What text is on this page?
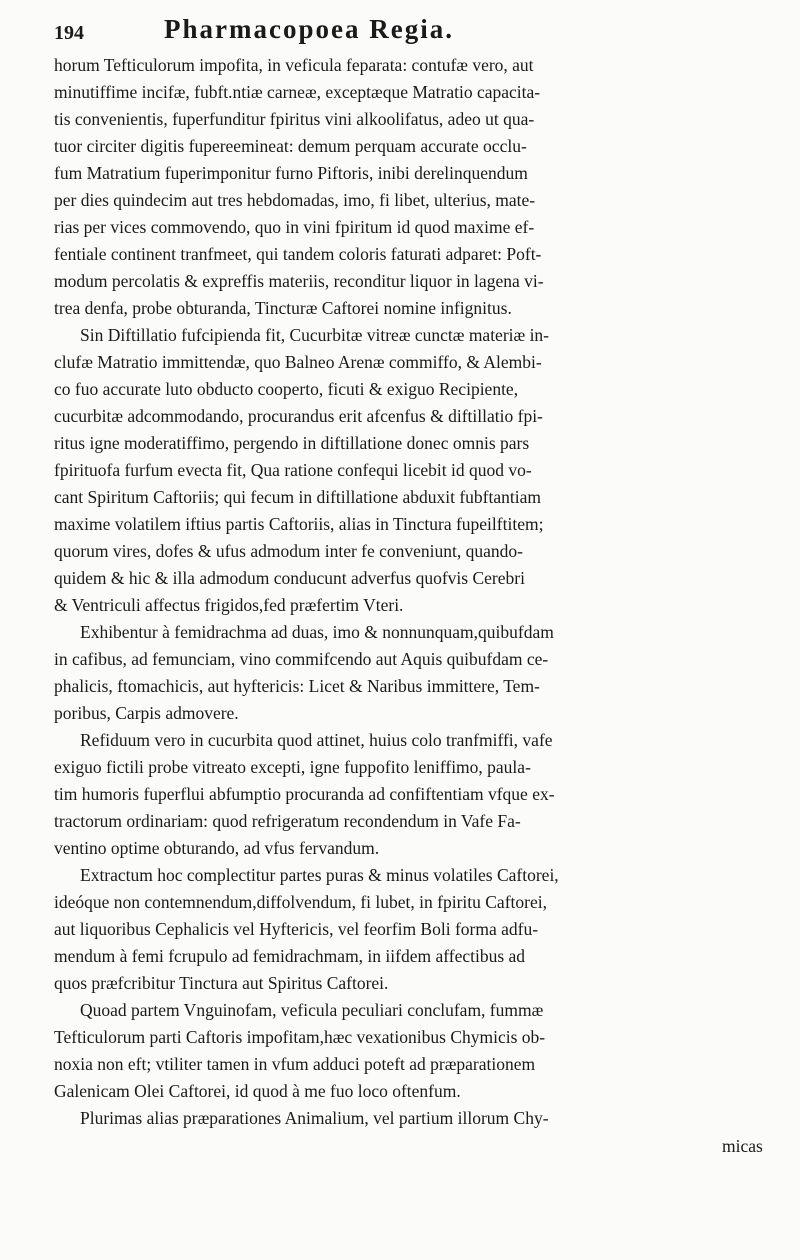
194	Pharmacopoea Regia.
horum Tefticulorum impofita, in veficula feparata: contufæ vero, aut
minutiffime incifæ, fubft.ntiæ carneæ, exceptæque Matratio capacita-
tis convenientis, fuperfunditur fpiritus vini alkoolifatus, adeo ut qua-
tuor circiter digitis fupereemineat: demum perquam accurate occlu-
fum Matratium fuperimponitur furno Piftoris, inibi derelinquendum
per dies quindecim aut tres hebdomadas, imo, fi libet, ulterius, mate-
rias per vices commovendo, quo in vini fpiritum id quod maxime ef-
fentiale continent tranfmeet, qui tandem coloris faturati adparet: Poft-
modum percolatis & expreffis materiis, reconditur liquor in lagena vi-
trea denfa, probe obturanda, Tincturæ Caftorei nomine infignitus.
Sin Diftillatio fufcipienda fit, Cucurbitæ vitreæ cunctæ materiæ in-
clufæ Matratio immittendæ, quo Balneo Arenæ commiffo, & Alembi-
co fuo accurate luto obducto cooperto, ficuti & exiguo Recipiente,
cucurbitæ adcommodando, procurandus erit afcenfus & diftillatio fpi-
ritus igne moderatiffimo, pergendo in diftillatione donec omnis pars
fpirituofa furfum evecta fit, Qua ratione confequi licebit id quod vo-
cant Spiritum Caftoriis; qui fecum in diftillatione abduxit fubftantiam
maxime volatilem iftius partis Caftoriis, alias in Tinctura fupeilftitem;
quorum vires, dofes & ufus admodum inter fe conveniunt, quando-
quidem & hic & illa admodum conducunt adverfus quofvis Cerebri
& Ventriculi affectus frigidos,fed præfertim Vteri.
Exhibentur à femidrachma ad duas, imo & nonnunquam,quibufdam
in cafibus, ad femunciam, vino commifcendo aut Aquis quibufdam ce-
phalicis, ftomachicis, aut hyftericis: Licet & Naribus immittere, Tem-
poribus, Carpis admovere.
Refiduum vero in cucurbita quod attinet, huius colo tranfmiffi, vafe
exiguo fictili probe vitreato excepti, igne fuppofito leniffimo, paula-
tim humoris fuperflui abfumptio procuranda ad confiftentiam vfque ex-
tractorum ordinariam: quod refrigeratum recondendum in Vafe Fa-
ventino optime obturando, ad vfus fervandum.
Extractum hoc complectitur partes puras & minus volatiles Caftorei,
ideóque non contemnendum,diffolvendum, fi lubet, in fpiritu Caftorei,
aut liquoribus Cephalicis vel Hyftericis, vel feorfim Boli forma adfu-
mendum à femi fcrupulo ad femidrachmam, in iifdem affectibus ad
quos præfcribitur Tinctura aut Spiritus Caftorei.
Quoad partem Vnguinofam, veficula peculiari conclufam, fummæ
Tefticulorum parti Caftoris impofitam,hæc vexationibus Chymicis ob-
noxia non eft; vtiliter tamen in vfum adduci poteft ad præparationem
Galenicam Olei Caftorei, id quod à me fuo loco oftenfum.
Plurimas alias præparationes Animalium, vel partium illorum Chy-
micas
